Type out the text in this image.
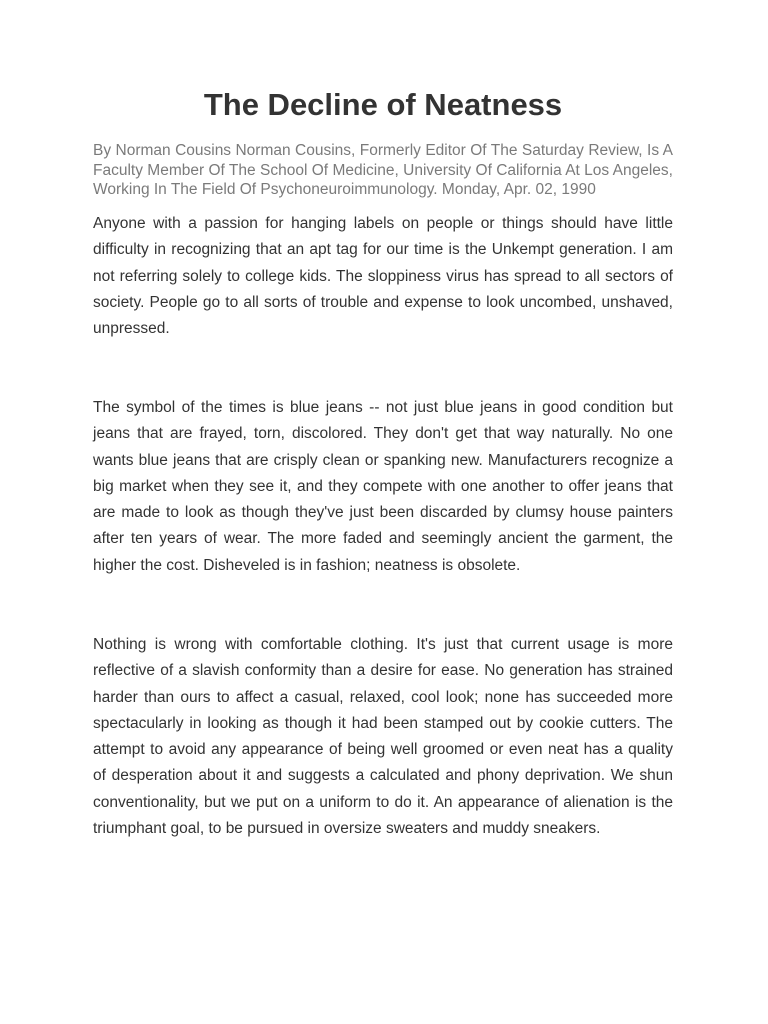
The Decline of Neatness

By Norman Cousins Norman Cousins, Formerly Editor Of The Saturday Review, Is A Faculty Member Of The School Of Medicine, University Of California At Los Angeles, Working In The Field Of Psychoneuroimmunology. Monday, Apr. 02, 1990

Anyone with a passion for hanging labels on people or things should have little difficulty in recognizing that an apt tag for our time is the Unkempt generation. I am not referring solely to college kids. The sloppiness virus has spread to all sectors of society. People go to all sorts of trouble and expense to look uncombed, unshaved, unpressed.

The symbol of the times is blue jeans -- not just blue jeans in good condition but jeans that are frayed, torn, discolored. They don't get that way naturally. No one wants blue jeans that are crisply clean or spanking new. Manufacturers recognize a big market when they see it, and they compete with one another to offer jeans that are made to look as though they've just been discarded by clumsy house painters after ten years of wear. The more faded and seemingly ancient the garment, the higher the cost. Disheveled is in fashion; neatness is obsolete.

Nothing is wrong with comfortable clothing. It's just that current usage is more reflective of a slavish conformity than a desire for ease. No generation has strained harder than ours to affect a casual, relaxed, cool look; none has succeeded more spectacularly in looking as though it had been stamped out by cookie cutters. The attempt to avoid any appearance of being well groomed or even neat has a quality of desperation about it and suggests a calculated and phony deprivation. We shun conventionality, but we put on a uniform to do it. An appearance of alienation is the triumphant goal, to be pursued in oversize sweaters and muddy sneakers.
